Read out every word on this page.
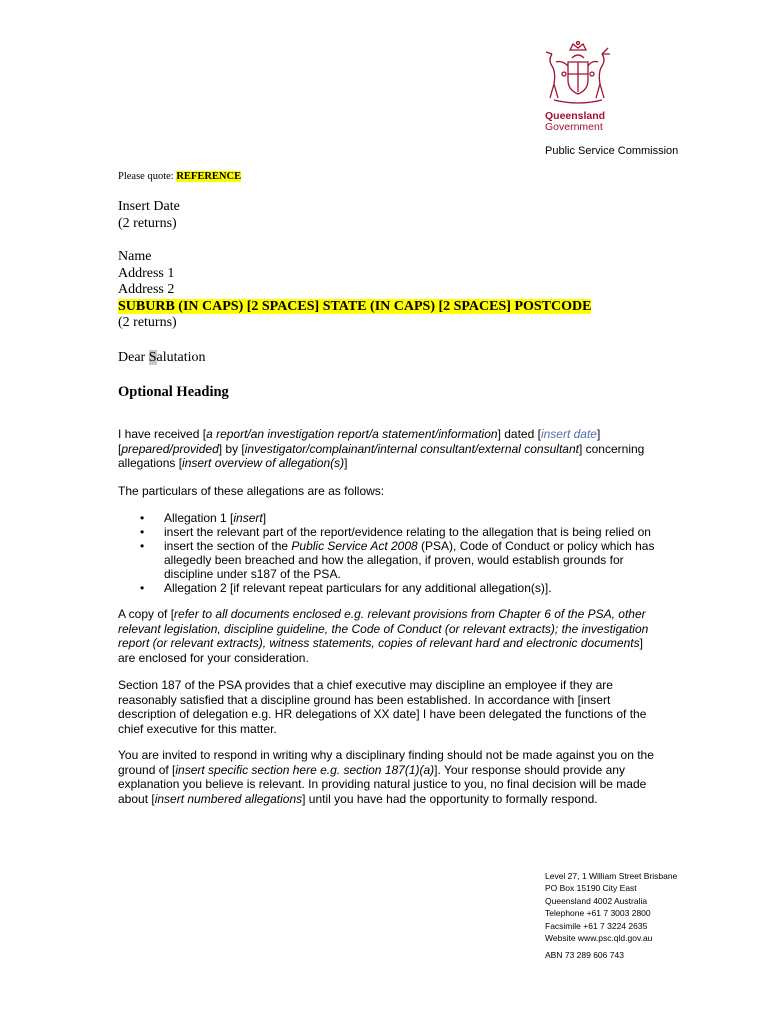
Queensland
Government
Public Service Commission
Please quote: REFERENCE
Insert Date
(2 returns)
Name
Address 1
Address 2
SUBURB (IN CAPS) [2 SPACES] STATE (IN CAPS) [2 SPACES] POSTCODE
(2 returns)
Dear Salutation
Optional Heading

I have received [a report/an investigation report/a statement/information] dated [insert date]

[prepared/provided] by [investigator/complainant/internal consultant/external consultant] concerning

allegations [insert overview of allegation(s)]

The particulars of these allegations are as follows:
• Allegation 1 [insert]
• insert the relevant part of the report/evidence relating to the allegation that is being relied on
• insert the section of the Public Service Act 2008 (PSA), Code of Conduct or policy which has
allegedly been breached and how the allegation, if proven, would establish grounds for
discipline under s187 of the PSA.
• Allegation 2 [if relevant repeat particulars for any additional allegation(s)].

A copy of [refer to all documents enclosed e.g. relevant provisions from Chapter 6 of the PSA, other

relevant legislation, discipline guideline, the Code of Conduct (or relevant extracts); the investigation

report (or relevant extracts), witness statements, copies of relevant hard and electronic documents]

are enclosed for your consideration.

Section 187 of the PSA provides that a chief executive may discipline an employee if they are

reasonably satisfied that a discipline ground has been established. In accordance with [insert

description of delegation e.g. HR delegations of XX date] I have been delegated the functions of the

chief executive for this matter.

You are invited to respond in writing why a disciplinary finding should not be made against you on the

ground of [insert specific section here e.g. section 187(1)(a)]. Your response should provide any

explanation you believe is relevant. In providing natural justice to you, no final decision will be made

about [insert numbered allegations] until you have had the opportunity to formally respond.

Level 27, 1 William Street Brisbane
PO Box 15190 City East
Queensland 4002 Australia
Telephone +61 7 3003 2800
Facsimile +61 7 3224 2635
Website www.psc.qld.gov.au
ABN 73 289 606 743
